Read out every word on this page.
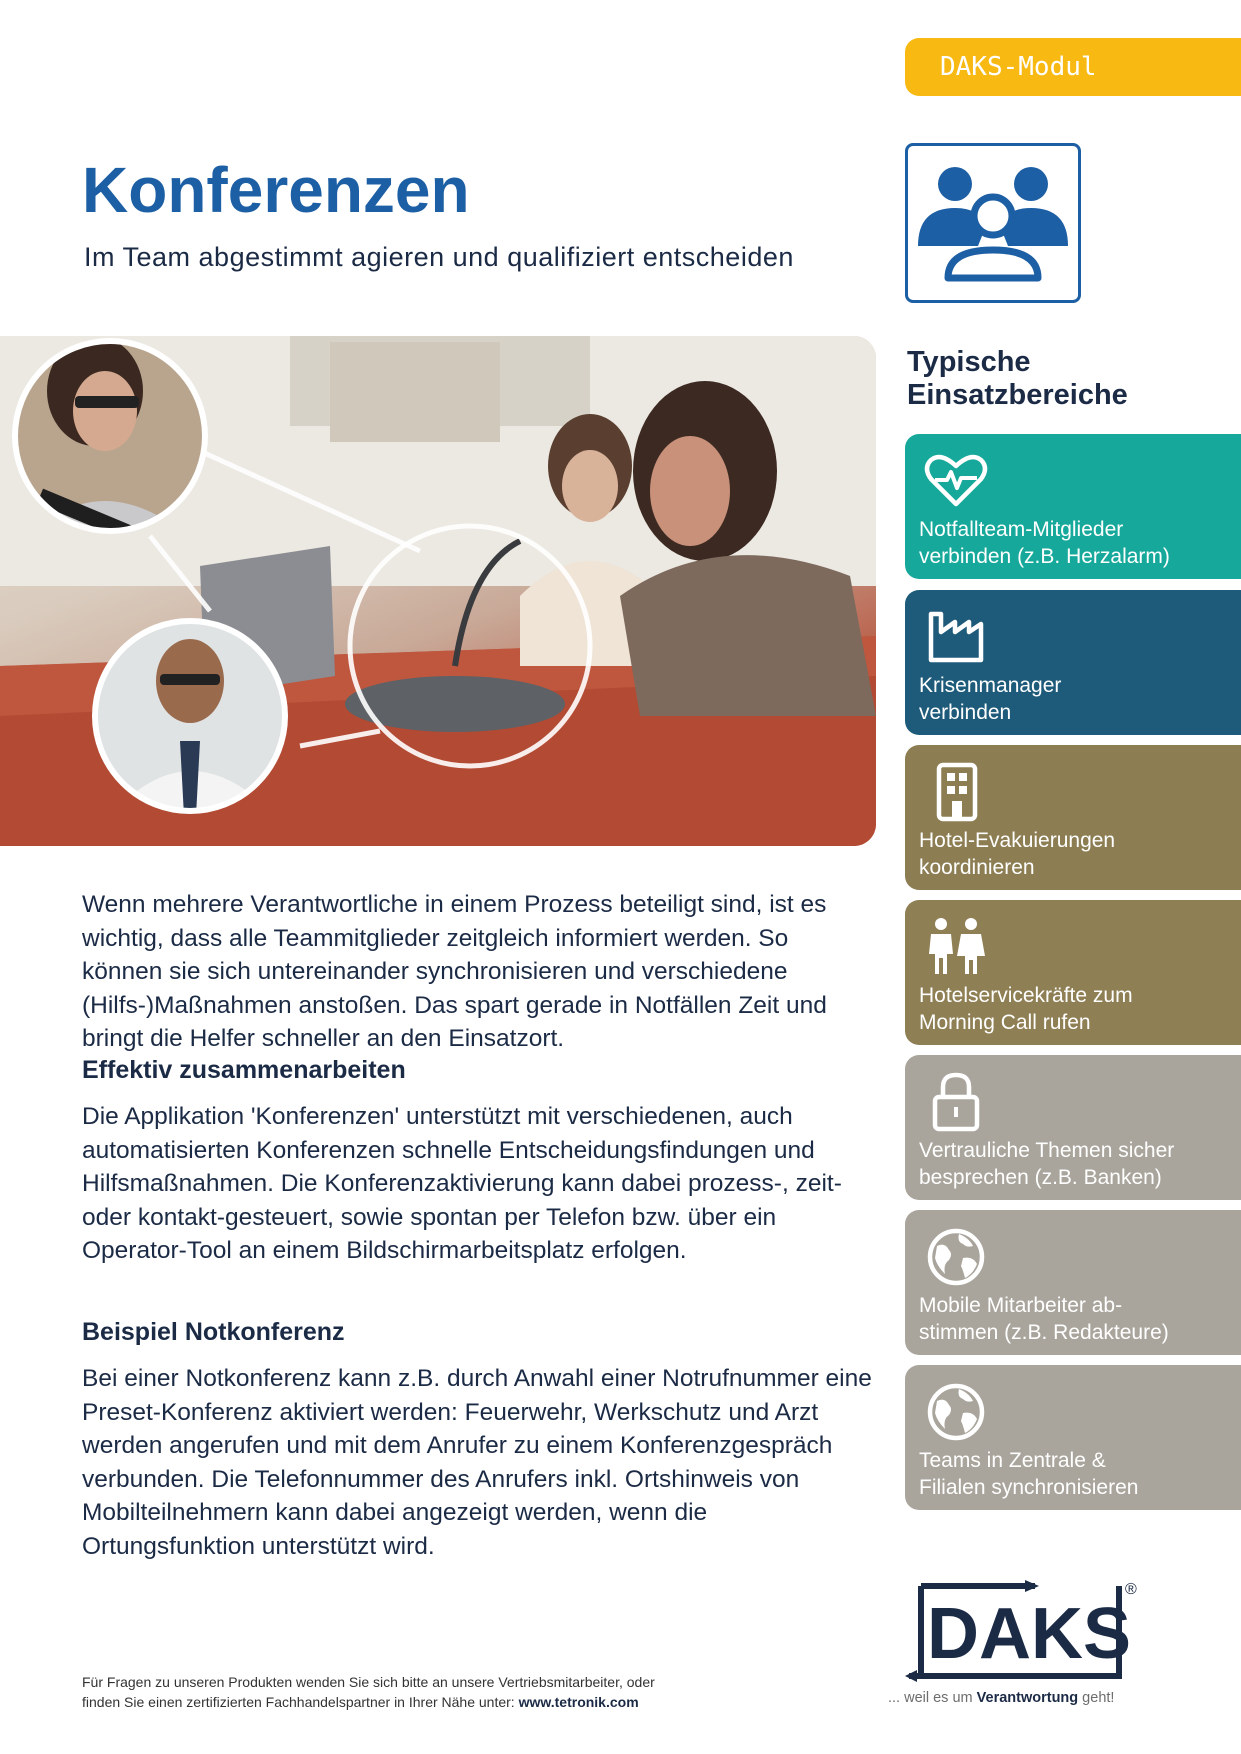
Konferenzen
Im Team abgestimmt agieren und qualifiziert entscheiden
DAKS-Modul
Typische
Einsatzbereiche

Wenn mehrere Verantwortliche in einem Prozess beteiligt sind, ist es wichtig, dass alle Teammitglieder zeitgleich informiert werden. So können sie sich untereinander synchronisieren und verschiedene (Hilfs-)Maßnahmen anstoßen. Das spart gerade in Notfällen Zeit und bringt die Helfer schneller an den Einsatzort.

Effektiv zusammenarbeiten

Die Applikation 'Konferenzen' unterstützt mit verschiedenen, auch automatisierten Konferenzen schnelle Entscheidungsfindungen und Hilfsmaßnahmen. Die Konferenzaktivierung kann dabei prozess-, zeit- oder kontakt-gesteuert, sowie spontan per Telefon bzw. über ein Operator-Tool an einem Bildschirmarbeitsplatz erfolgen.

Beispiel Notkonferenz

Bei einer Notkonferenz kann z.B. durch Anwahl einer Notrufnummer eine Preset-Konferenz aktiviert werden: Feuerwehr, Werkschutz und Arzt werden angerufen und mit dem Anrufer zu einem Konferenzgespräch verbunden. Die Telefonnummer des Anrufers inkl. Ortshinweis von Mobilteilnehmern kann dabei angezeigt werden, wenn die Ortungsfunktion unterstützt wird.

Notfallteam-Mitglieder
verbinden (z.B. Herzalarm)
Krisenmanager
verbinden
Hotel-Evakuierungen
koordinieren
Hotelservicekräfte zum
Morning Call rufen
Vertrauliche Themen sicher
besprechen (z.B. Banken)
Mobile Mitarbeiter ab-
stimmen (z.B. Redakteure)
Teams in Zentrale &
Filialen synchronisieren
DAKS
®
... weil es um Verantwortung geht!
Für Fragen zu unseren Produkten wenden Sie sich bitte an unsere Vertriebsmitarbeiter, oder
finden Sie einen zertifizierten Fachhandelspartner in Ihrer Nähe unter: www.tetronik.com
